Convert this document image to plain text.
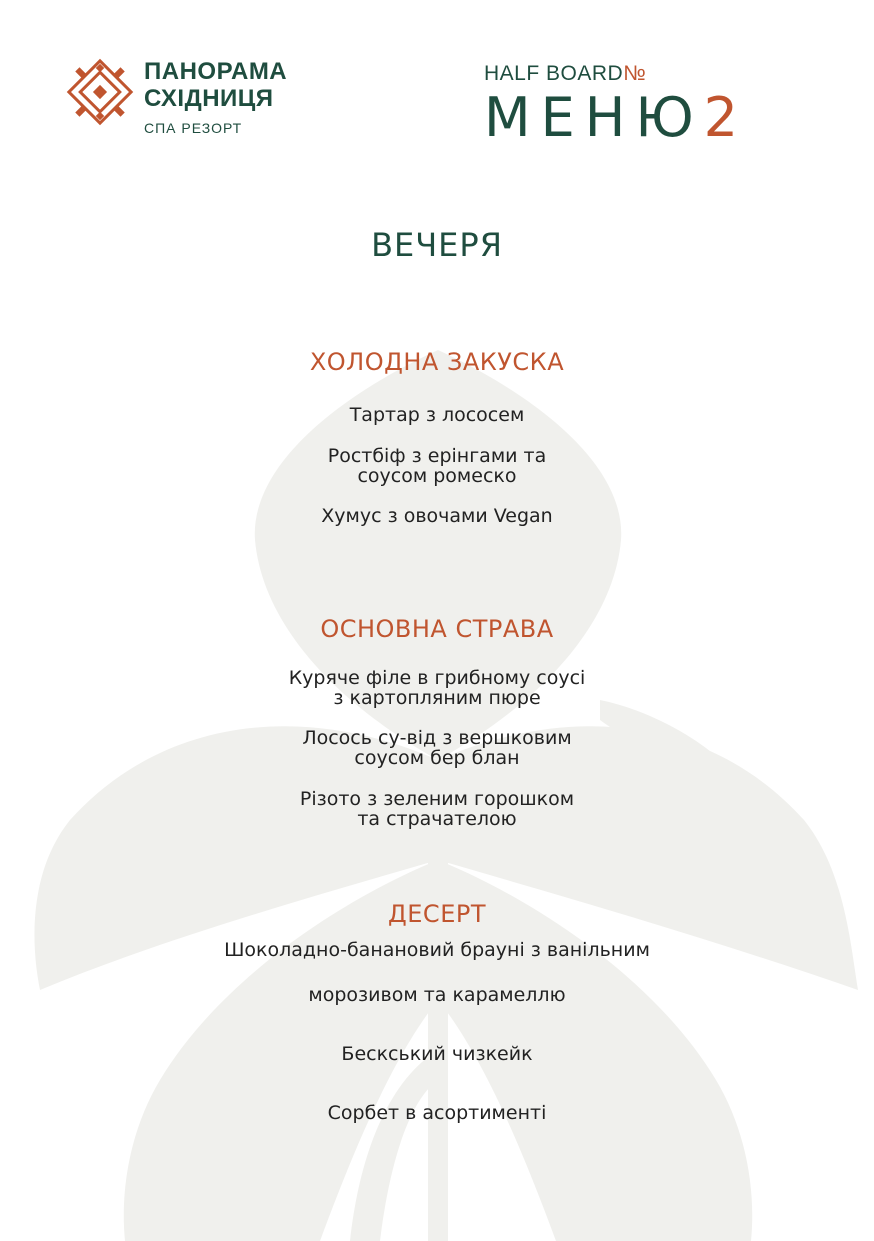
ПАНОРАМА
СХІДНИЦЯ
СПА РЕЗОРТ
HALF BOARD№
МЕНЮ2
ВЕЧЕРЯ
ХОЛОДНА ЗАКУСКА
Тартар з лососем
Ростбіф з ерінгами та
соусом ромеско
Хумус з овочами Vegan
ОСНОВНА СТРАВА
Куряче філе в грибному соусі
з картопляним пюре
Лосось су-від з вершковим
соусом бер блан
Різото з зеленим горошком
та страчателою
ДЕСЕРТ
Шоколадно-банановий брауні з ванільним
морозивом та карамеллю
Бескський чизкейк
Сорбет в асортименті
